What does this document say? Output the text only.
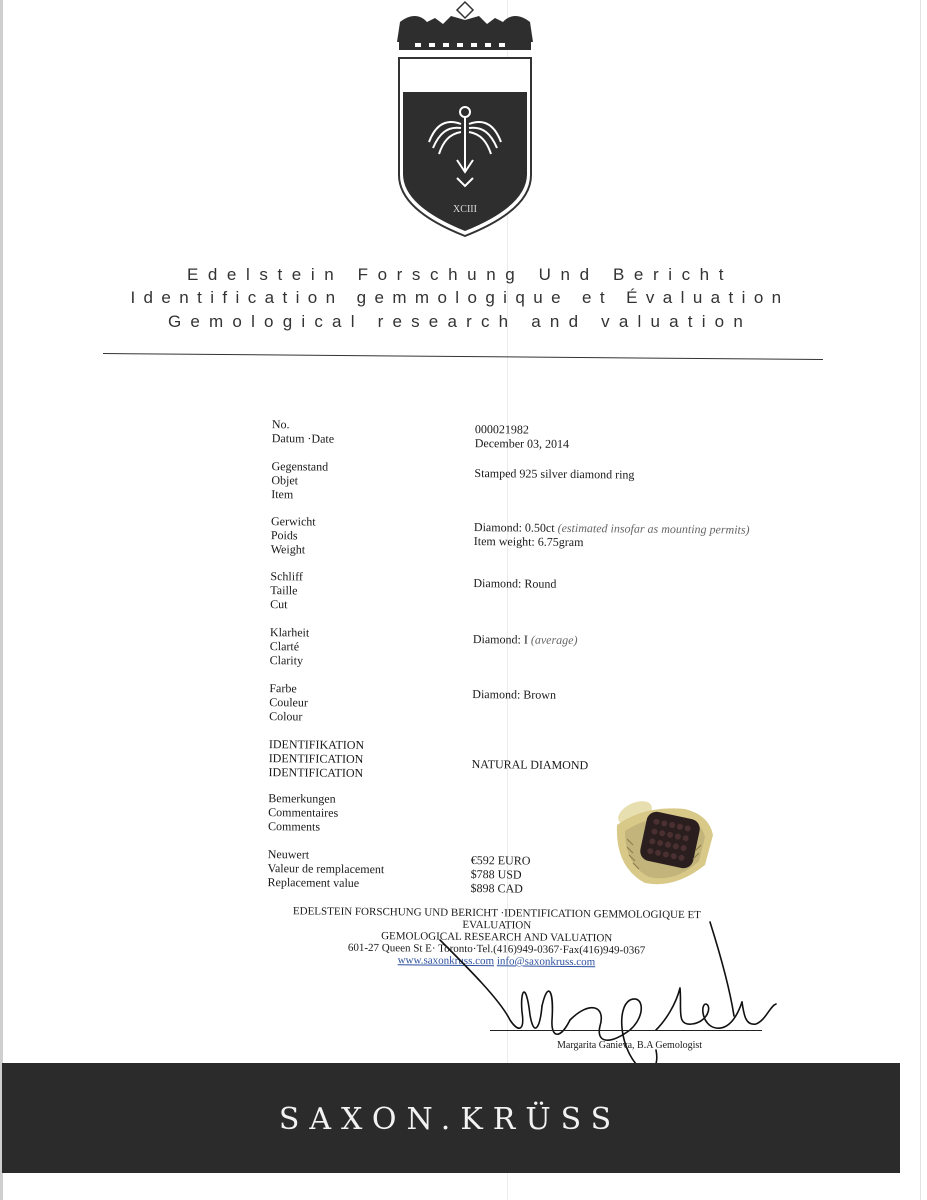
XCIII
Edelstein Forschung Und Bericht
Identification gemmologique et Évaluation
Gemological research and valuation
No.
Datum ·Date
000021982
December 03, 2014
Gegenstand
Objet
Item
Stamped 925 silver diamond ring
Gerwicht
Poids
Weight
Diamond: 0.50ct (estimated insofar as mounting permits)
Item weight: 6.75gram
Schliff
Taille
Cut
Diamond: Round
Klarheit
Clarté
Clarity
Diamond: I (average)
Farbe
Couleur
Colour
Diamond: Brown
IDENTIFIKATION
IDENTIFICATION
IDENTIFICATION
NATURAL DIAMOND
Bemerkungen
Commentaires
Comments
Neuwert
Valeur de remplacement
Replacement value
€592 EURO
$788 USD
$898 CAD
EDELSTEIN FORSCHUNG UND BERICHT ·IDENTIFICATION GEMMOLOGIQUE ET EVALUATION
GEMOLOGICAL RESEARCH AND VALUATION
601-27 Queen St E· Toronto·Tel.(416)949-0367·Fax(416)949-0367
www.saxonkruss.com info@saxonkruss.com
Margarita Ganieva, B.A Gemologist
SAXON.KRÜSS
